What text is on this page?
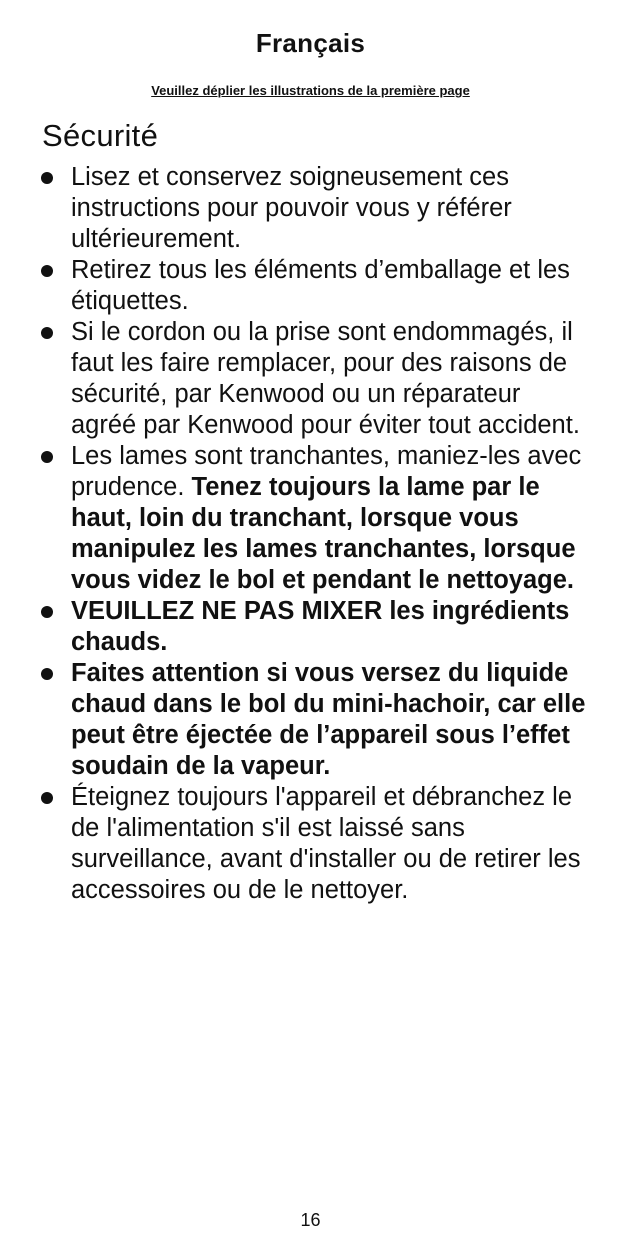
Français
Veuillez déplier les illustrations de la première page
Sécurité
Lisez et conservez soigneusement ces instructions pour pouvoir vous y référer ultérieurement.
Retirez tous les éléments d’emballage et les étiquettes.
Si le cordon ou la prise sont endommagés, il faut les faire remplacer, pour des raisons de sécurité, par Kenwood ou un réparateur agréé par Kenwood pour éviter tout accident.
Les lames sont tranchantes, maniez-les avec prudence. Tenez toujours la lame par le haut, loin du tranchant, lorsque vous manipulez les lames tranchantes, lorsque vous videz le bol et pendant le nettoyage.
VEUILLEZ NE PAS MIXER les ingrédients chauds.
Faites attention si vous versez du liquide chaud dans le bol du mini-hachoir, car elle peut être éjectée de l’appareil sous l’effet soudain de la vapeur.
Éteignez toujours l'appareil et débranchez le de l'alimentation s'il est laissé sans surveillance, avant d'installer ou de retirer les accessoires ou de le nettoyer.
16
